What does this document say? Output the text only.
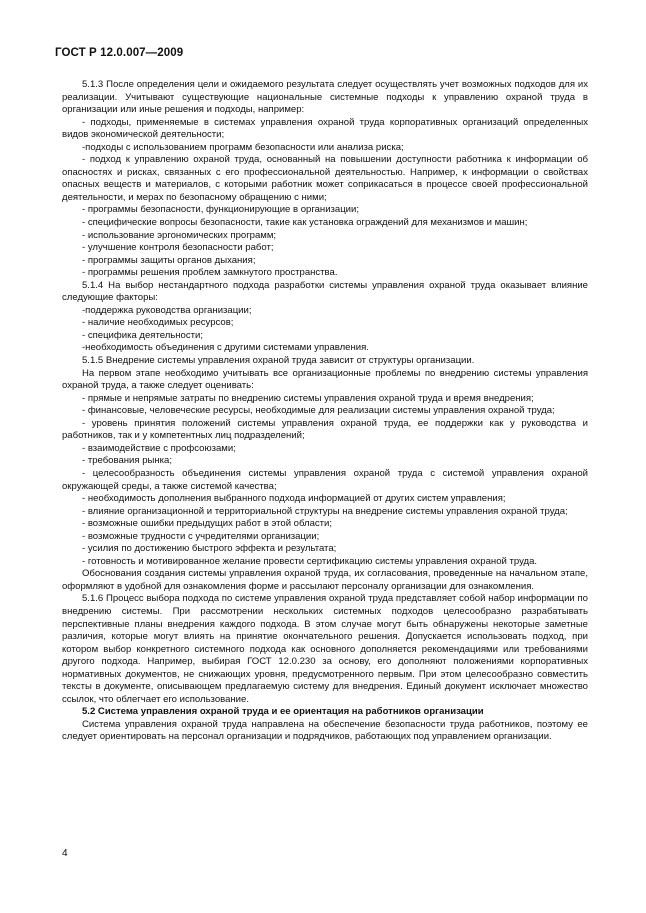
ГОСТ Р 12.0.007—2009

5.1.3 После определения цели и ожидаемого результата следует осуществлять учет возможных подходов для их реализации. Учитывают существующие национальные системные подходы к управлению охраной труда в организации или иные решения и подходы, например:

- подходы, применяемые в системах управления охраной труда корпоративных организаций определенных видов экономической деятельности;

-подходы с использованием программ безопасности или анализа риска;

- подход к управлению охраной труда, основанный на повышении доступности работника к информации об опасностях и рисках, связанных с его профессиональной деятельностью. Например, к информации о свойствах опасных веществ и материалов, с которыми работник может соприкасаться в процессе своей профессиональной деятельности, и мерах по безопасному обращению с ними;

- программы безопасности, функционирующие в организации;

- специфические вопросы безопасности, такие как установка ограждений для механизмов и машин;

- использование эргономических программ;

- улучшение контроля безопасности работ;

- программы защиты органов дыхания;

- программы решения проблем замкнутого пространства.

5.1.4 На выбор нестандартного подхода разработки системы управления охраной труда оказывает влияние следующие факторы:

-поддержка руководства организации;

- наличие необходимых ресурсов;

- специфика деятельности;

-необходимость объединения с другими системами управления.

5.1.5 Внедрение системы управления охраной труда зависит от структуры организации.

На первом этапе необходимо учитывать все организационные проблемы по внедрению системы управления охраной труда, а также следует оценивать:

- прямые и непрямые затраты по внедрению системы управления охраной труда и время внедрения;

- финансовые, человеческие ресурсы, необходимые для реализации системы управления охраной труда;

- уровень принятия положений системы управления охраной труда, ее поддержки как у руководства и работников, так и у компетентных лиц подразделений;

- взаимодействие с профсоюзами;

- требования рынка;

- целесообразность объединения системы управления охраной труда с системой управления охраной окружающей среды, а также системой качества;

- необходимость дополнения выбранного подхода информацией от других систем управления;

- влияние организационной и территориальной структуры на внедрение системы управления охраной труда;

- возможные ошибки предыдущих работ в этой области;

- возможные трудности с учредителями организации;

- усилия по достижению быстрого эффекта и результата;

- готовность и мотивированное желание провести сертификацию системы управления охраной труда.

Обоснования создания системы управления охраной труда, их согласования, проведенные на начальном этапе, оформляют в удобной для ознакомления форме и рассылают персоналу организации для ознакомления.

5.1.6 Процесс выбора подхода по системе управления охраной труда представляет собой набор информации по внедрению системы. При рассмотрении нескольких системных подходов целесообразно разрабатывать перспективные планы внедрения каждого подхода. В этом случае могут быть обнаружены некоторые заметные различия, которые могут влиять на принятие окончательного решения. Допускается использовать подход, при котором выбор конкретного системного подхода как основного дополняется рекомендациями или требованиями другого подхода. Например, выбирая ГОСТ 12.0.230 за основу, его дополняют положениями корпоративных нормативных документов, не снижающих уровня, предусмотренного первым. При этом целесообразно совместить тексты в документе, описывающем предлагаемую систему для внедрения. Единый документ исключает множество ссылок, что облегчает его использование.

5.2 Система управления охраной труда и ее ориентация на работников организации

Система управления охраной труда направлена на обеспечение безопасности труда работников, поэтому ее следует ориентировать на персонал организации и подрядчиков, работающих под управлением организации.

4
